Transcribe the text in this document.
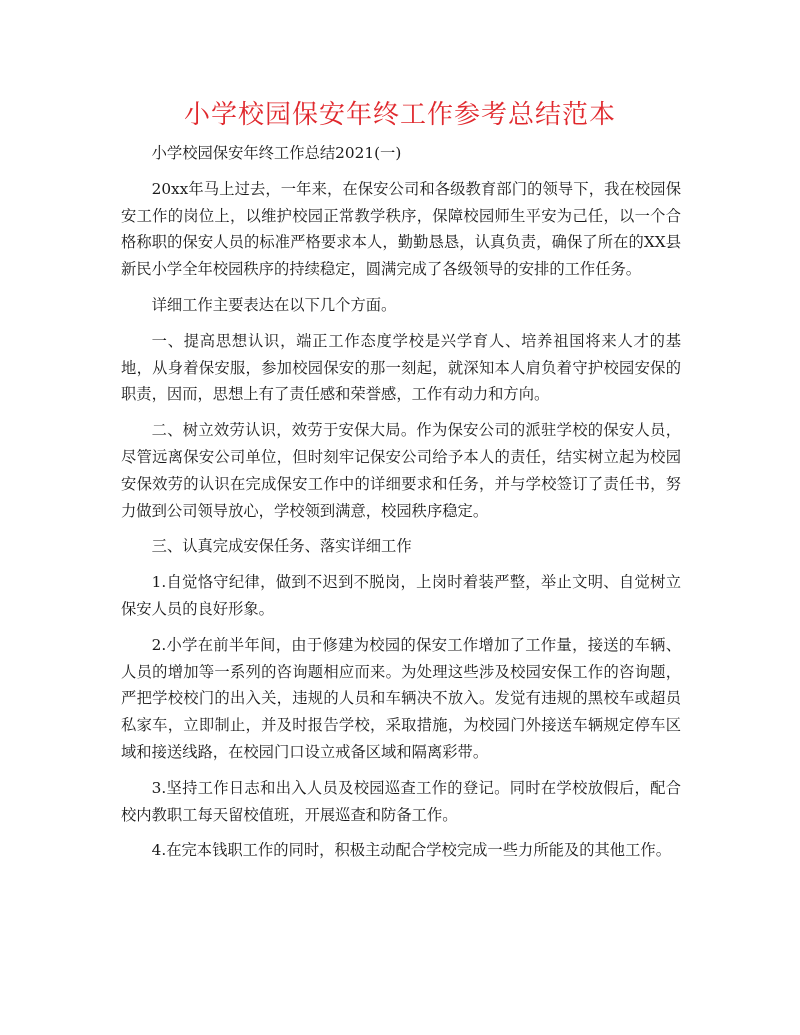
小学校园保安年终工作参考总结范本

小学校园保安年终工作总结2021(一)

20xx年马上过去，一年来，在保安公司和各级教育部门的领导下，我在校园保安工作的岗位上，以维护校园正常教学秩序，保障校园师生平安为己任，以一个合格称职的保安人员的标准严格要求本人，勤勤恳恳，认真负责，确保了所在的XX县新民小学全年校园秩序的持续稳定，圆满完成了各级领导的安排的工作任务。

详细工作主要表达在以下几个方面。

一、提高思想认识，端正工作态度学校是兴学育人、培养祖国将来人才的基地，从身着保安服，参加校园保安的那一刻起，就深知本人肩负着守护校园安保的职责，因而，思想上有了责任感和荣誉感，工作有动力和方向。

二、树立效劳认识，效劳于安保大局。作为保安公司的派驻学校的保安人员，尽管远离保安公司单位，但时刻牢记保安公司给予本人的责任，结实树立起为校园安保效劳的认识在完成保安工作中的详细要求和任务，并与学校签订了责任书，努力做到公司领导放心，学校领到满意，校园秩序稳定。

三、认真完成安保任务、落实详细工作

1.自觉恪守纪律，做到不迟到不脱岗，上岗时着装严整，举止文明、自觉树立保安人员的良好形象。

2.小学在前半年间，由于修建为校园的保安工作增加了工作量，接送的车辆、人员的增加等一系列的咨询题相应而来。为处理这些涉及校园安保工作的咨询题，严把学校校门的出入关，违规的人员和车辆决不放入。发觉有违规的黑校车或超员私家车，立即制止，并及时报告学校，采取措施，为校园门外接送车辆规定停车区域和接送线路，在校园门口设立戒备区域和隔离彩带。

3.坚持工作日志和出入人员及校园巡查工作的登记。同时在学校放假后，配合校内教职工每天留校值班，开展巡查和防备工作。

4.在完本钱职工作的同时，积极主动配合学校完成一些力所能及的其他工作。
